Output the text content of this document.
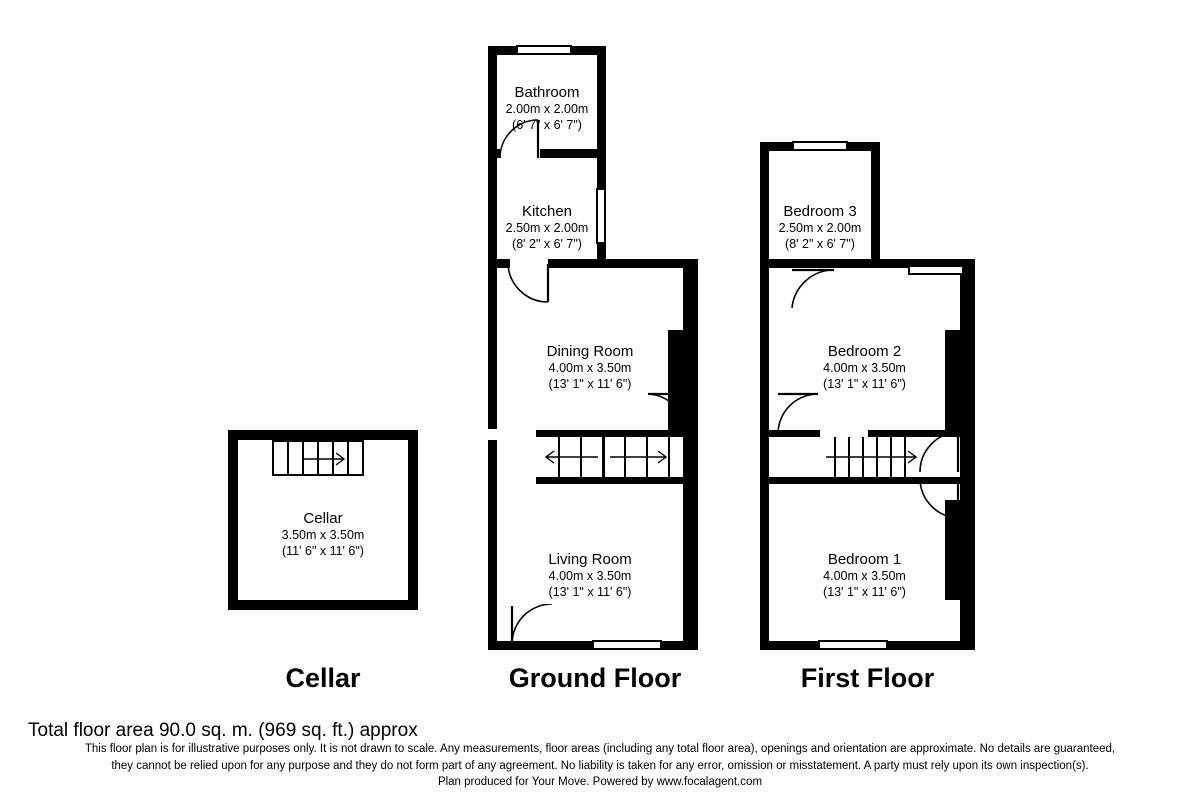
Cellar
3.50m x 3.50m
(11' 6" x 11' 6")
Cellar
Bathroom
2.00m x 2.00m
(6' 7" x 6' 7")
Kitchen
2.50m x 2.00m
(8' 2" x 6' 7")
Dining Room
4.00m x 3.50m
(13' 1" x 11' 6")
Living Room
4.00m x 3.50m
(13' 1" x 11' 6")
Ground Floor
Bedroom 3
2.50m x 2.00m
(8' 2" x 6' 7")
Bedroom 2
4.00m x 3.50m
(13' 1" x 11' 6")
Bedroom 1
4.00m x 3.50m
(13' 1" x 11' 6")
First Floor
Total floor area 90.0 sq. m. (969 sq. ft.) approx
This floor plan is for illustrative purposes only. It is not drawn to scale. Any measurements, floor areas (including any total floor area), openings and orientation are approximate. No details are guaranteed,
they cannot be relied upon for any purpose and they do not form part of any agreement. No liability is taken for any error, omission or misstatement. A party must rely upon its own inspection(s).
Plan produced for Your Move. Powered by www.focalagent.com
